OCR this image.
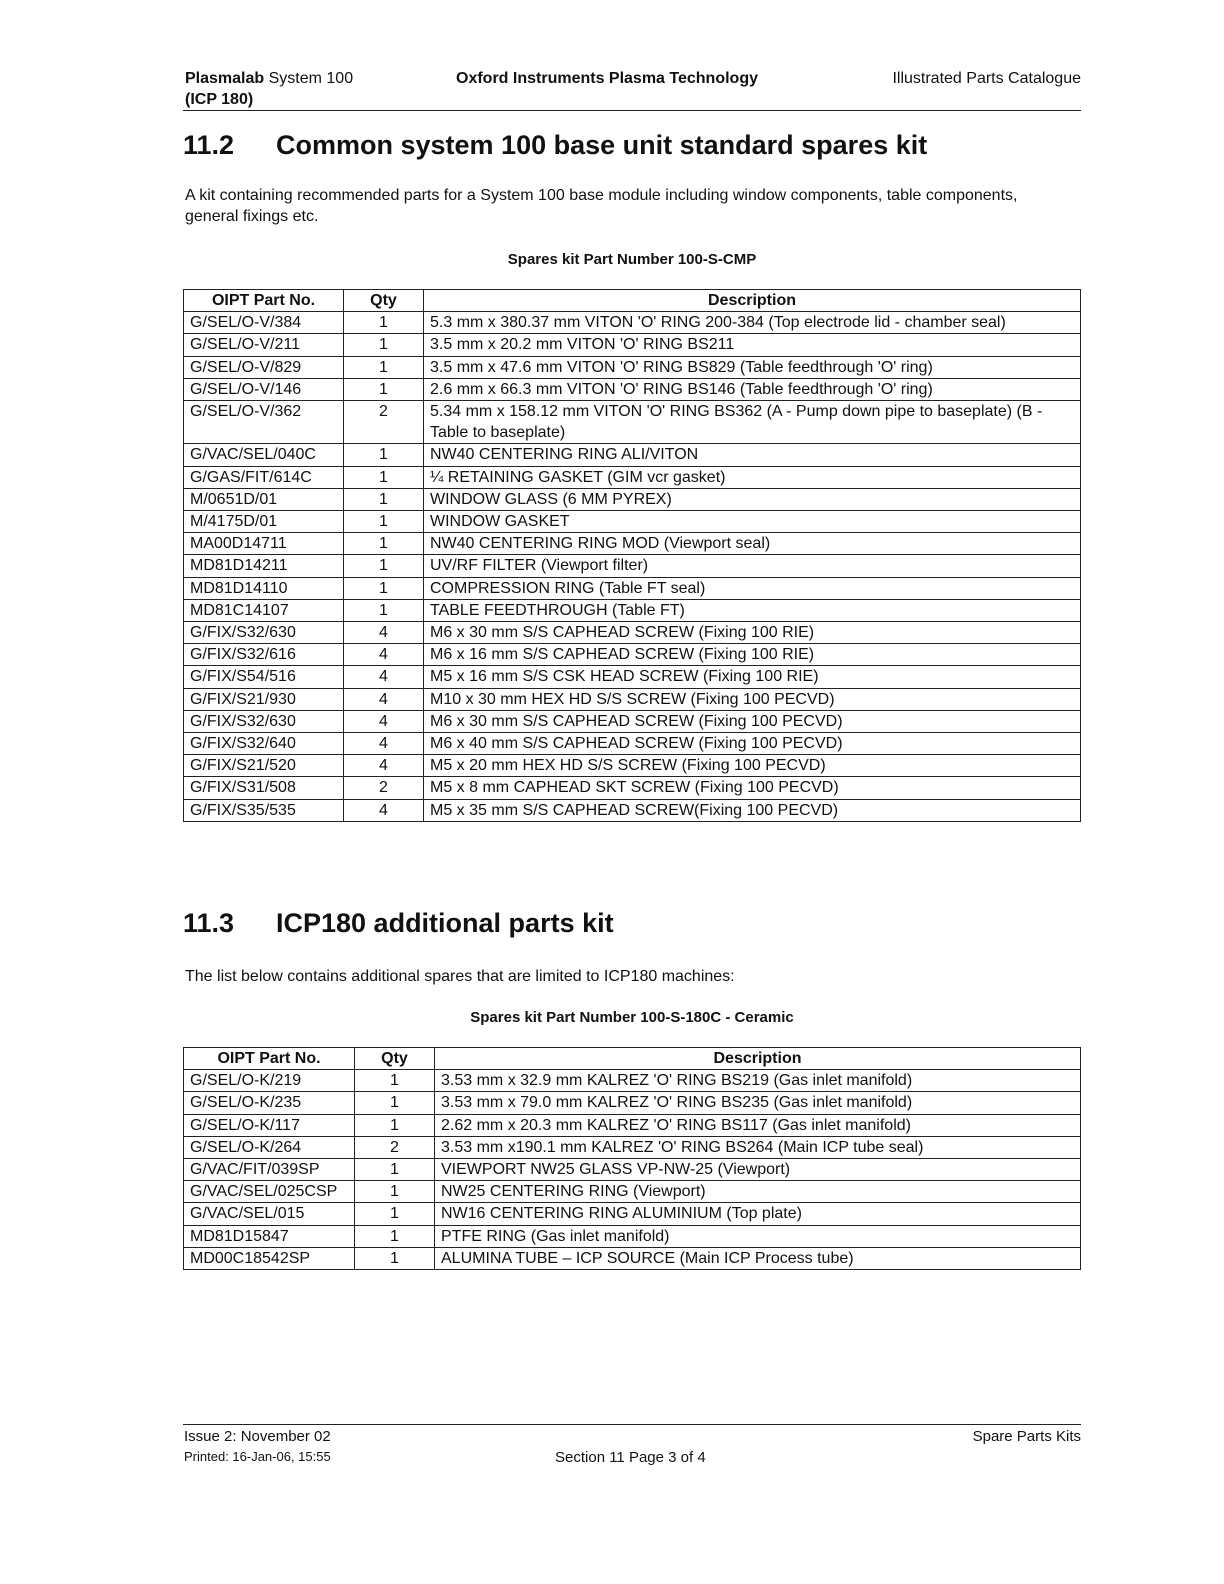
Plasmalab System 100
(ICP 180)
Oxford Instruments Plasma Technology	Illustrated Parts Catalogue
11.2 Common system 100 base unit standard spares kit

A kit containing recommended parts for a System 100 base module including window components, table components, general fixings etc.

Spares kit Part Number 100-S-CMP
OIPT Part No.	Qty	Description
G/SEL/O-V/384	1	5.3 mm x 380.37 mm VITON 'O' RING 200-384 (Top electrode lid - chamber seal)
G/SEL/O-V/211	1	3.5 mm x 20.2 mm VITON 'O' RING BS211
G/SEL/O-V/829	1	3.5 mm x 47.6 mm VITON 'O' RING BS829 (Table feedthrough 'O' ring)
G/SEL/O-V/146	1	2.6 mm x 66.3 mm VITON 'O' RING BS146 (Table feedthrough 'O' ring)
G/SEL/O-V/362	2	5.34 mm x 158.12 mm VITON 'O' RING BS362 (A - Pump down pipe to baseplate) (B - Table to baseplate)
G/VAC/SEL/040C	1	NW40 CENTERING RING ALI/VITON
G/GAS/FIT/614C	1	¼ RETAINING GASKET (GIM vcr gasket)
M/0651D/01	1	WINDOW GLASS (6 MM PYREX)
M/4175D/01	1	WINDOW GASKET
MA00D14711	1	NW40 CENTERING RING MOD (Viewport seal)
MD81D14211	1	UV/RF FILTER (Viewport filter)
MD81D14110	1	COMPRESSION RING (Table FT seal)
MD81C14107	1	TABLE FEEDTHROUGH (Table FT)
G/FIX/S32/630	4	M6 x 30 mm S/S CAPHEAD SCREW (Fixing 100 RIE)
G/FIX/S32/616	4	M6 x 16 mm S/S CAPHEAD SCREW (Fixing 100 RIE)
G/FIX/S54/516	4	M5 x 16 mm S/S CSK HEAD SCREW (Fixing 100 RIE)
G/FIX/S21/930	4	M10 x 30 mm HEX HD S/S SCREW (Fixing 100 PECVD)
G/FIX/S32/630	4	M6 x 30 mm S/S CAPHEAD SCREW (Fixing 100 PECVD)
G/FIX/S32/640	4	M6 x 40 mm S/S CAPHEAD SCREW (Fixing 100 PECVD)
G/FIX/S21/520	4	M5 x 20 mm HEX HD S/S SCREW (Fixing 100 PECVD)
G/FIX/S31/508	2	M5 x 8 mm CAPHEAD SKT SCREW (Fixing 100 PECVD)
G/FIX/S35/535	4	M5 x 35 mm S/S CAPHEAD SCREW(Fixing 100 PECVD)
11.3 ICP180 additional parts kit

The list below contains additional spares that are limited to ICP180 machines:

Spares kit Part Number 100-S-180C - Ceramic
OIPT Part No.	Qty	Description
G/SEL/O-K/219	1	3.53 mm x 32.9 mm KALREZ 'O' RING BS219 (Gas inlet manifold)
G/SEL/O-K/235	1	3.53 mm x 79.0 mm KALREZ 'O' RING BS235 (Gas inlet manifold)
G/SEL/O-K/117	1	2.62 mm x 20.3 mm KALREZ 'O' RING BS117 (Gas inlet manifold)
G/SEL/O-K/264	2	3.53 mm x190.1 mm KALREZ 'O' RING BS264 (Main ICP tube seal)
G/VAC/FIT/039SP	1	VIEWPORT NW25 GLASS VP-NW-25 (Viewport)
G/VAC/SEL/025CSP	1	NW25 CENTERING RING (Viewport)
G/VAC/SEL/015	1	NW16 CENTERING RING ALUMINIUM (Top plate)
MD81D15847	1	PTFE RING (Gas inlet manifold)
MD00C18542SP	1	ALUMINA TUBE – ICP SOURCE (Main ICP Process tube)
Issue 2: November 02
Printed: 16-Jan-06, 15:55	Section 11 Page 3 of 4
Spare Parts Kits
